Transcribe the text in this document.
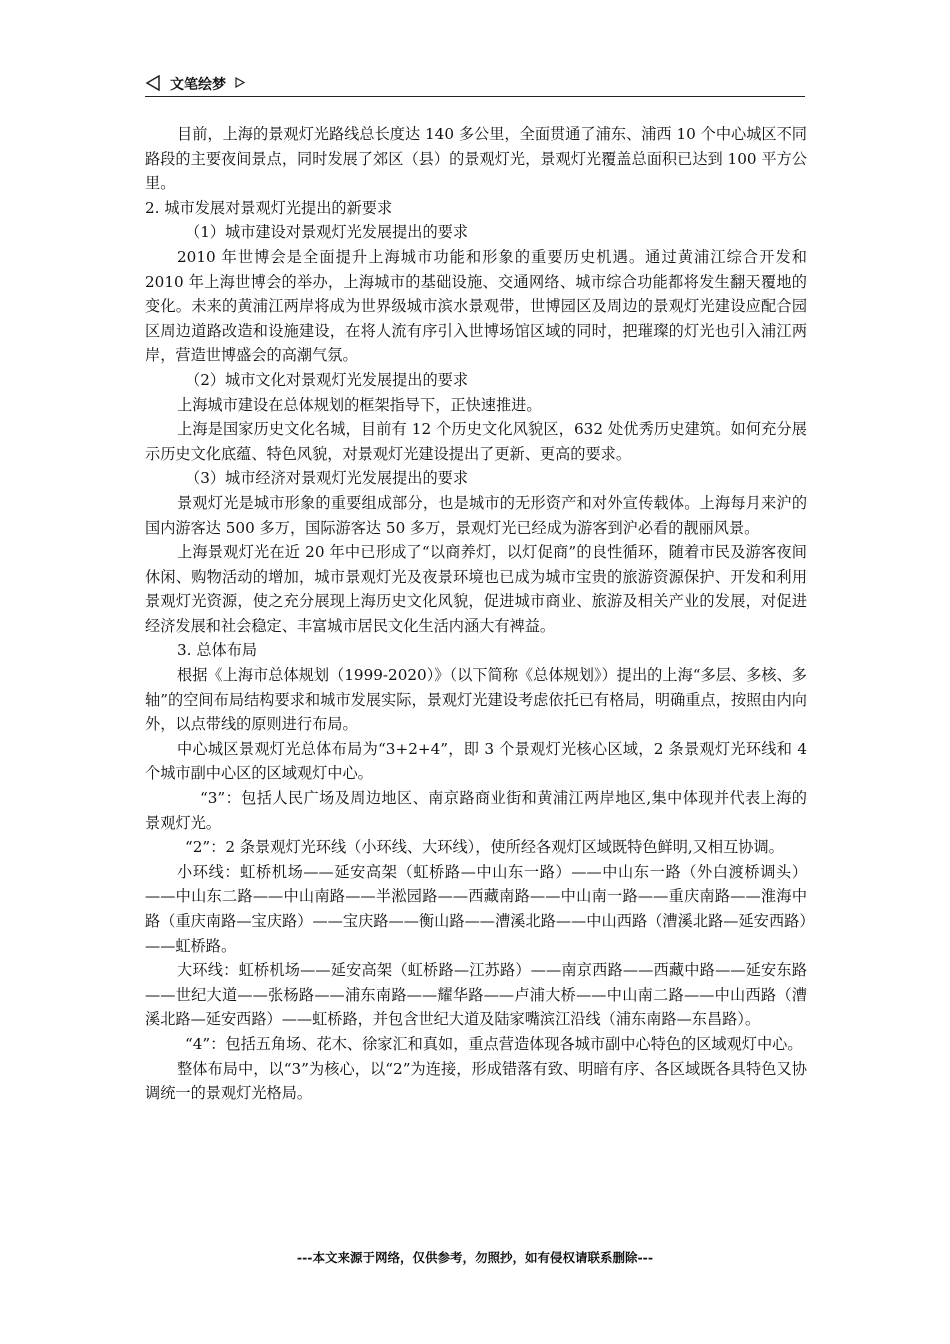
文笔绘梦

目前，上海的景观灯光路线总长度达 140 多公里，全面贯通了浦东、浦西 10 个中心城区不同路段的主要夜间景点，同时发展了郊区（县）的景观灯光，景观灯光覆盖总面积已达到 100 平方公里。

2. 城市发展对景观灯光提出的新要求

（1）城市建设对景观灯光发展提出的要求

2010 年世博会是全面提升上海城市功能和形象的重要历史机遇。通过黄浦江综合开发和 2010 年上海世博会的举办，上海城市的基础设施、交通网络、城市综合功能都将发生翻天覆地的变化。未来的黄浦江两岸将成为世界级城市滨水景观带，世博园区及周边的景观灯光建设应配合园区周边道路改造和设施建设，在将人流有序引入世博场馆区域的同时，把璀璨的灯光也引入浦江两岸，营造世博盛会的高潮气氛。

（2）城市文化对景观灯光发展提出的要求

上海城市建设在总体规划的框架指导下，正快速推进。

上海是国家历史文化名城，目前有 12 个历史文化风貌区，632 处优秀历史建筑。如何充分展示历史文化底蕴、特色风貌，对景观灯光建设提出了更新、更高的要求。

（3）城市经济对景观灯光发展提出的要求

景观灯光是城市形象的重要组成部分，也是城市的无形资产和对外宣传载体。上海每月来沪的国内游客达 500 多万，国际游客达 50 多万，景观灯光已经成为游客到沪必看的靓丽风景。

上海景观灯光在近 20 年中已形成了“以商养灯，以灯促商”的良性循环，随着市民及游客夜间休闲、购物活动的增加，城市景观灯光及夜景环境也已成为城市宝贵的旅游资源保护、开发和利用景观灯光资源，使之充分展现上海历史文化风貌，促进城市商业、旅游及相关产业的发展，对促进经济发展和社会稳定、丰富城市居民文化生活内涵大有裨益。

3. 总体布局

根据《上海市总体规划（1999-2020）》（以下简称《总体规划》）提出的上海“多层、多核、多轴”的空间布局结构要求和城市发展实际，景观灯光建设考虑依托已有格局，明确重点，按照由内向外，以点带线的原则进行布局。

中心城区景观灯光总体布局为“3+2+4”，即 3 个景观灯光核心区域，2 条景观灯光环线和 4 个城市副中心区的区域观灯中心。

“3”：包括人民广场及周边地区、南京路商业街和黄浦江两岸地区,集中体现并代表上海的景观灯光。

“2”：2 条景观灯光环线（小环线、大环线），使所经各观灯区域既特色鲜明,又相互协调。

小环线：虹桥机场——延安高架（虹桥路—中山东一路）——中山东一路（外白渡桥调头）——中山东二路——中山南路——半淞园路——西藏南路——中山南一路——重庆南路——淮海中路（重庆南路—宝庆路）——宝庆路——衡山路——漕溪北路——中山西路（漕溪北路—延安西路）——虹桥路。

大环线：虹桥机场——延安高架（虹桥路—江苏路）——南京西路——西藏中路——延安东路——世纪大道——张杨路——浦东南路——耀华路——卢浦大桥——中山南二路——中山西路（漕溪北路—延安西路）——虹桥路，并包含世纪大道及陆家嘴滨江沿线（浦东南路—东昌路）。

“4”：包括五角场、花木、徐家汇和真如，重点营造体现各城市副中心特色的区域观灯中心。

整体布局中，以“3”为核心，以“2”为连接，形成错落有致、明暗有序、各区域既各具特色又协调统一的景观灯光格局。

---本文来源于网络，仅供参考，勿照抄，如有侵权请联系删除---
